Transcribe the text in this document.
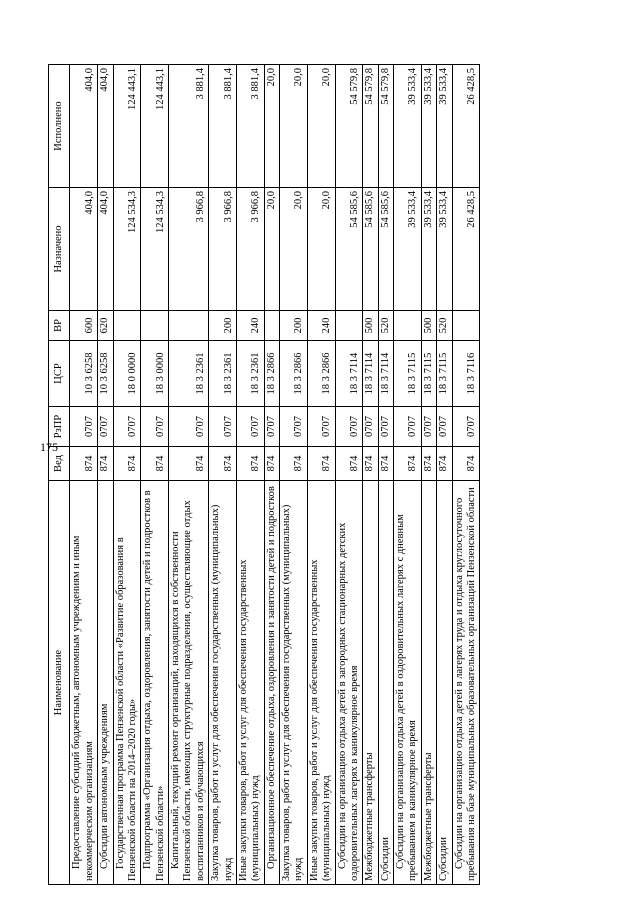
175
Наименование	Вед	РзПР	ЦСР	ВР	Назначено	Исполнено
Предоставление субсидий бюджетным, автономным учреждениям и иным некоммерческим организациям	874	0707	10 3 6258	600	404,0	404,0
Субсидии автономным учреждениям	874	0707	10 3 6258	620	404,0	404,0
Государственная программа Пензенской области «Развитие образования в Пензенской области на 2014–2020 годы»	874	0707	18 0 0000		124 534,3	124 443,1
Подпрограмма «Организация отдыха, оздоровления, занятости детей и подростков в Пензенской области»	874	0707	18 3 0000		124 534,3	124 443,1
Капитальный, текущий ремонт организаций, находящихся в собственности Пензенской области, имеющих структурные подразделения, осуществляющие отдых воспитанников и обучающихся	874	0707	18 3 2361		3 966,8	3 881,4
Закупка товаров, работ и услуг для обеспечения государственных (муниципальных) нужд	874	0707	18 3 2361	200	3 966,8	3 881,4
Иные закупки товаров, работ и услуг для обеспечения государственных (муниципальных) нужд	874	0707	18 3 2361	240	3 966,8	3 881,4
Организационное обеспечение отдыха, оздоровления и занятости детей и подростков	874	0707	18 3 2866		20,0	20,0
Закупка товаров, работ и услуг для обеспечения государственных (муниципальных) нужд	874	0707	18 3 2866	200	20,0	20,0
Иные закупки товаров, работ и услуг для обеспечения государственных (муниципальных) нужд	874	0707	18 3 2866	240	20,0	20,0
Субсидии на организацию отдыха детей в загородных стационарных детских оздоровительных лагерях в каникулярное время	874	0707	18 3 7114		54 585,6	54 579,8
Межбюджетные трансферты	874	0707	18 3 7114	500	54 585,6	54 579,8
Субсидии	874	0707	18 3 7114	520	54 585,6	54 579,8
Субсидии на организацию отдыха детей в оздоровительных лагерях с дневным пребыванием в каникулярное время	874	0707	18 3 7115		39 533,4	39 533,4
Межбюджетные трансферты	874	0707	18 3 7115	500	39 533,4	39 533,4
Субсидии	874	0707	18 3 7115	520	39 533,4	39 533,4
Субсидии на организацию отдыха детей в лагерях труда и отдыха круглосуточного пребывания на базе муниципальных образовательных организаций Пензенской области	874	0707	18 3 7116		26 428,5	26 428,5
